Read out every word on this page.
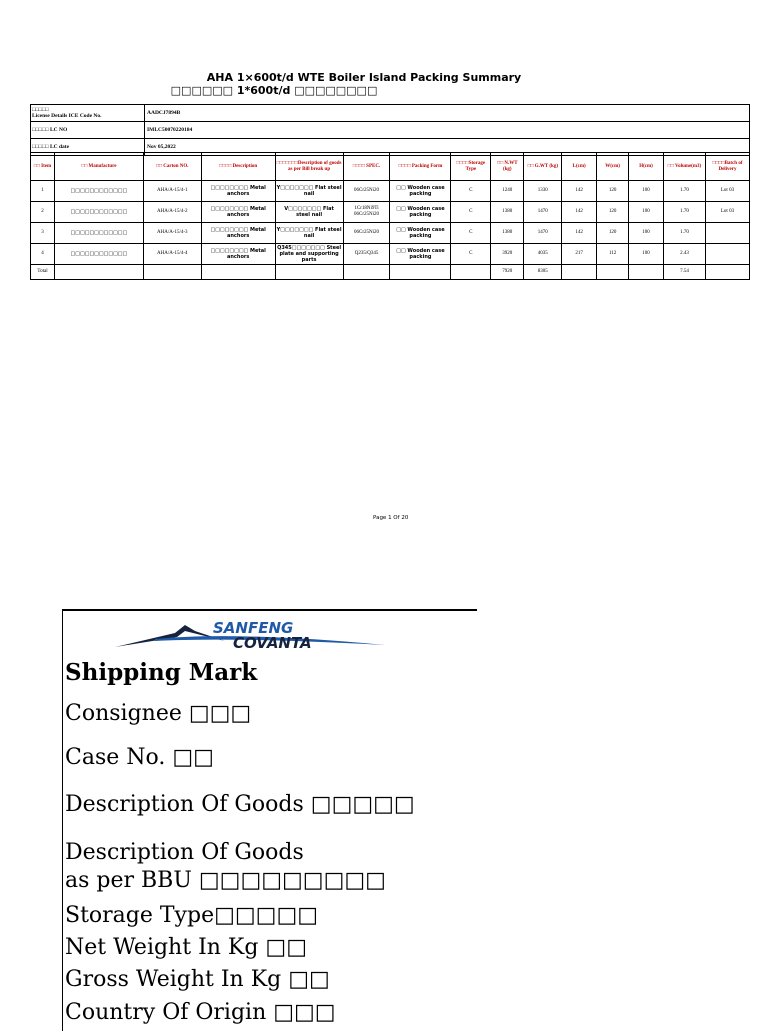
AHA 1×600t/d WTE Boiler Island Packing Summary
□□□□□□ 1*600t/d □□□□□□□□
□□□□□
License Details ICE Code No.	AADCJ7894B
□□□□□ LC NO	IMLC50070220184
□□□□□ LC date	Nov 05,2022
□□ Item	□□ Manufacture	□□ Carton NO.	□□□□ Description	□□□□□□□Description of goods as per Bill break up	□□□□ SPEC.	□□□□ Packing Form	□□□□Storage Type	□□ N.WT (kg)	□□ G.WT (kg)	L(cm)	W(cm)	H(cm)	□□ Volume(m3)	□□□□Batch of Delivery
1	□□□□□□□□□□□□	AHA/A-15/4-1	□□□□□□□□ Metal anchors	Y□□□□□□□ Flat steel nail	06Cr25Ni20	□□ Wooden case packing	C	1240	1330	142	120	100	1.70	Lot 03
2	□□□□□□□□□□□□	AHA/A-15/4-2	□□□□□□□□ Metal anchors	V□□□□□□□ Flat steel nail	1Cr18Ni9Ti 06Cr25Ni20	□□ Wooden case packing	C	1380	1470	142	120	100	1.70	Lot 03
3	□□□□□□□□□□□□	AHA/A-15/4-3	□□□□□□□□ Metal anchors	Y□□□□□□□ Flat steel nail	06Cr25Ni20	□□ Wooden case packing	C	1380	1470	142	120	100	1.70	
4	□□□□□□□□□□□□	AHA/A-15/4-4	□□□□□□□□ Metal anchors	Q345□□□□□□□ Steel plate and supporting parts	Q235/Q345	□□ Wooden case packing	C	3920	4035	217	112	100	2.43	
Total								7920	8305				7.54	
Page 1 Of 20
SANFENG
COVANTA
Shipping Mark
Consignee □□□
Case No. □□
Description Of Goods □□□□□
Description Of Goods
as per BBU □□□□□□□□□
Storage Type□□□□□
Net Weight In Kg □□
Gross Weight In Kg □□
Country Of Origin □□□
